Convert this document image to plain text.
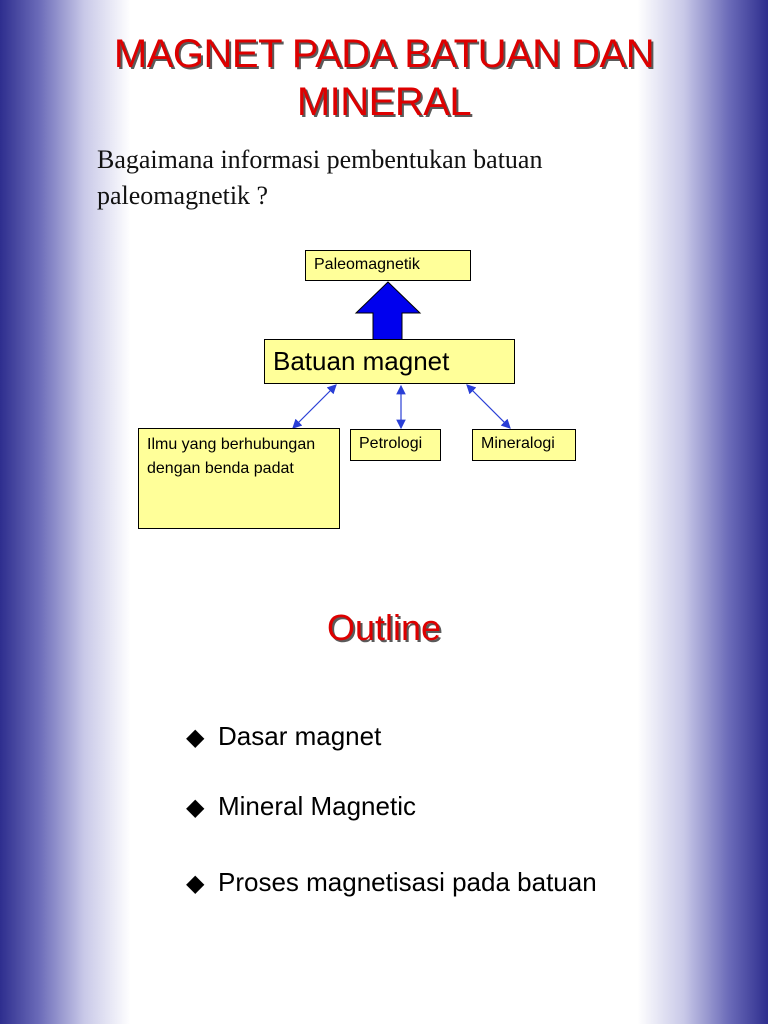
MAGNET PADA BATUAN DAN
MINERAL
Bagaimana informasi pembentukan batuan paleomagnetik ?
Paleomagnetik
Batuan magnet
Ilmu yang berhubungan dengan benda padat
Petrologi	Mineralogi
Outline
◆ Dasar magnet
◆ Mineral Magnetic
◆ Proses magnetisasi pada batuan
